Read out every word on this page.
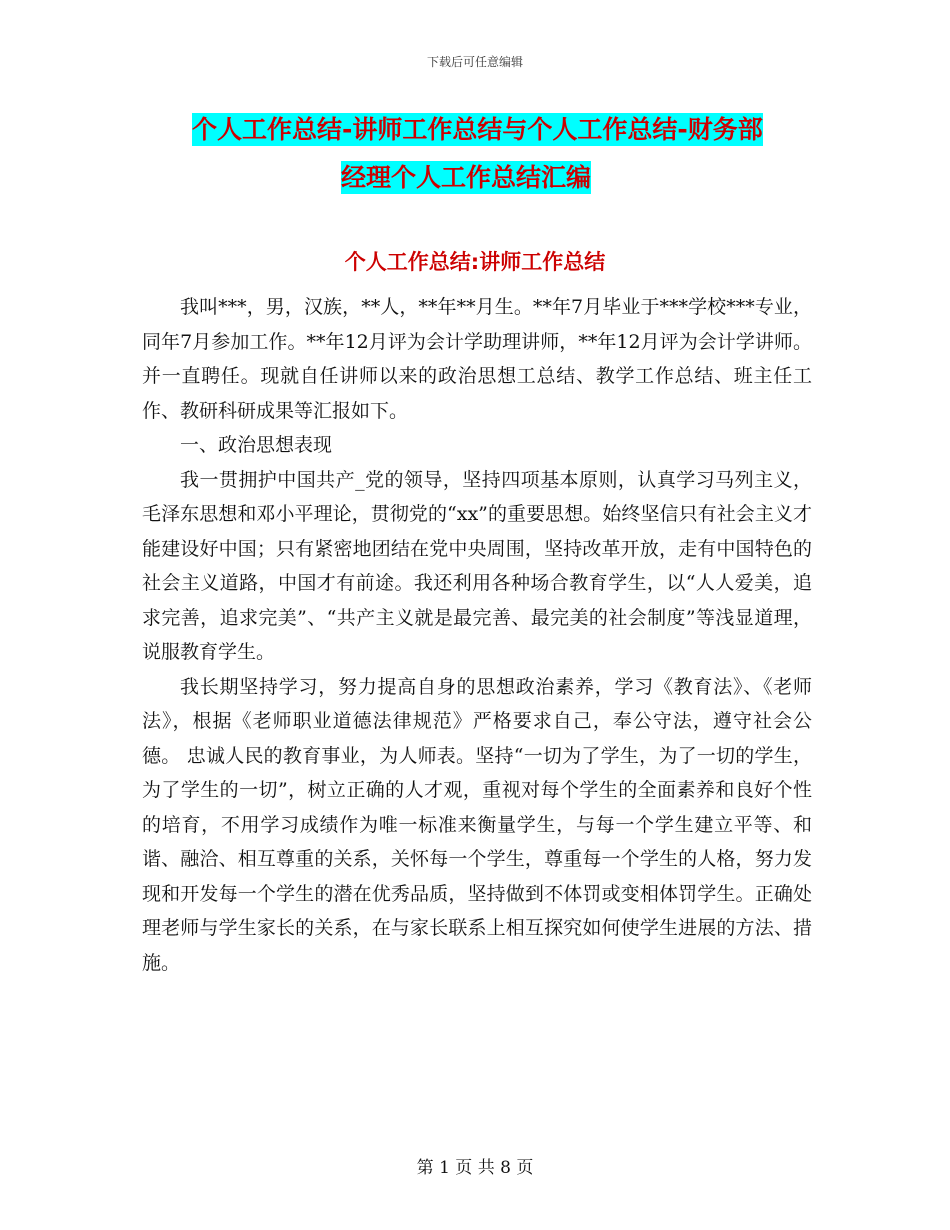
下载后可任意编辑
个人工作总结-讲师工作总结与个人工作总结-财务部
经理个人工作总结汇编
个人工作总结:讲师工作总结

我叫***，男，汉族，**人，**年**月生。**年7月毕业于***学校***专业，同年7月参加工作。**年12月评为会计学助理讲师，**年12月评为会计学讲师。并一直聘任。现就自任讲师以来的政治思想工总结、教学工作总结、班主任工作、教研科研成果等汇报如下。

一、政治思想表现

我一贯拥护中国共产_党的领导，坚持四项基本原则，认真学习马列主义，毛泽东思想和邓小平理论，贯彻党的“xx”的重要思想。始终坚信只有社会主义才能建设好中国；只有紧密地团结在党中央周围，坚持改革开放，走有中国特色的社会主义道路，中国才有前途。我还利用各种场合教育学生，以“人人爱美，追求完善，追求完美”、“共产主义就是最完善、最完美的社会制度”等浅显道理，说服教育学生。

我长期坚持学习，努力提高自身的思想政治素养，学习《教育法》、《老师法》，根据《老师职业道德法律规范》严格要求自己，奉公守法，遵守社会公德。 忠诚人民的教育事业，为人师表。坚持“一切为了学生，为了一切的学生，为了学生的一切”，树立正确的人才观，重视对每个学生的全面素养和良好个性的培育，不用学习成绩作为唯一标准来衡量学生，与每一个学生建立平等、和谐、融洽、相互尊重的关系，关怀每一个学生，尊重每一个学生的人格，努力发现和开发每一个学生的潜在优秀品质，坚持做到不体罚或变相体罚学生。正确处理老师与学生家长的关系，在与家长联系上相互探究如何使学生进展的方法、措施。

第 1 页 共 8 页
